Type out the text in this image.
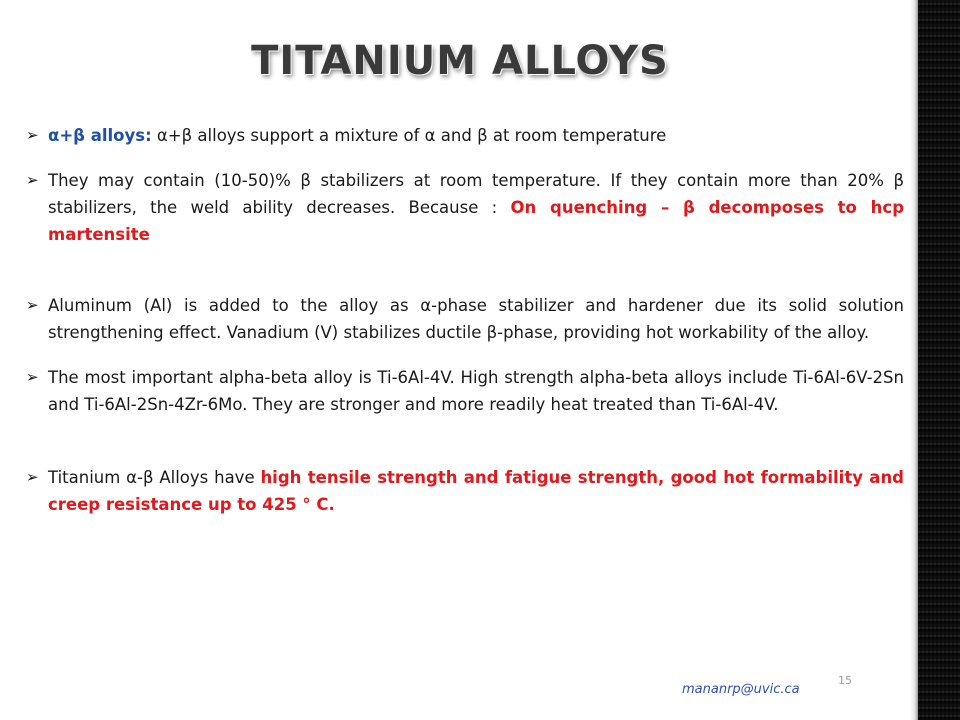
TITANIUM ALLOYS
➢ α+β alloys: α+β alloys support a mixture of α and β at room temperature
➢ They may contain (10-50)% β stabilizers at room temperature. If they contain more than 20% β stabilizers, the weld ability decreases. Because : On quenching – β decomposes to hcp martensite
➢ Aluminum (Al) is added to the alloy as α-phase stabilizer and hardener due its solid solution strengthening effect. Vanadium (V) stabilizes ductile β-phase, providing hot workability of the alloy.
➢ The most important alpha-beta alloy is Ti-6Al-4V. High strength alpha-beta alloys include Ti-6Al-6V-2Sn and Ti-6Al-2Sn-4Zr-6Mo. They are stronger and more readily heat treated than Ti-6Al-4V.
➢ Titanium α-β Alloys have high tensile strength and fatigue strength, good hot formability and creep resistance up to 425 ° C.
mananrp@uvic.ca
15
